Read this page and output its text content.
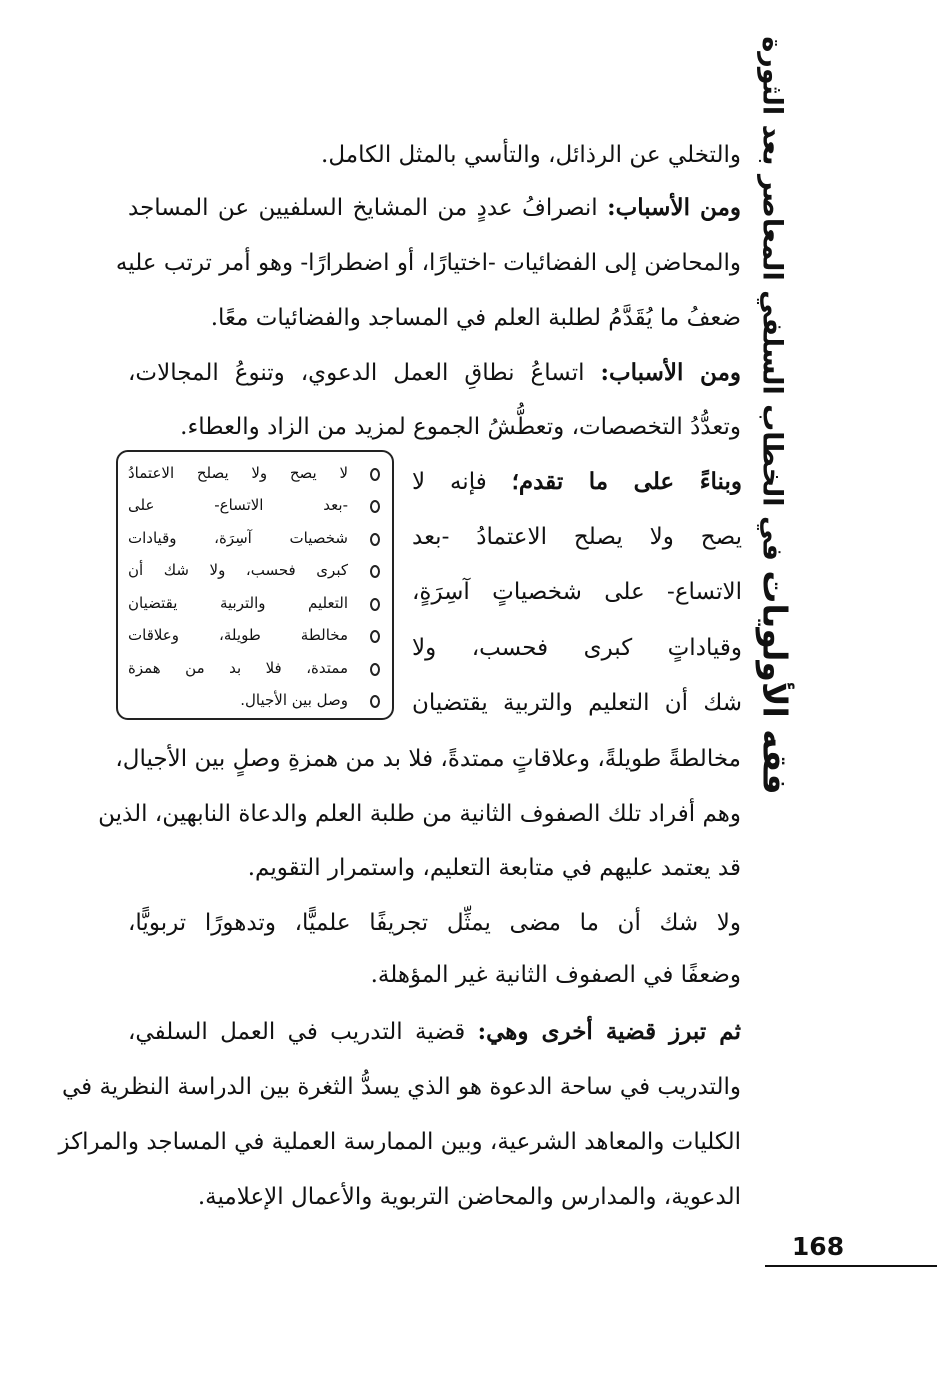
فقه الأولويات في الخطاب السلفي المعاصر بعد الثورة
والتخلي عن الرذائل، والتأسي بالمثل الكامل.
ومن الأسباب: انصرافُ عددٍ من المشايخ السلفيين عن المساجد
والمحاضن إلى الفضائيات -اختيارًا، أو اضطرارًا- وهو أمر ترتب عليه
ضعفُ ما يُقَدَّمُ لطلبة العلم في المساجد والفضائيات معًا.
ومن الأسباب: اتساعُ نطاقِ العمل الدعوي، وتنوعُ المجالات،
وتعدُّدُ التخصصات، وتعطُّشُ الجموع لمزيد من الزاد والعطاء.
وبناءً على ما تقدم؛ فإنه لا
يصح ولا يصلح الاعتمادُ -بعد
الاتساع- على شخصياتٍ آسِرَةٍ،
وقياداتٍ كبرى فحسب، ولا
شك أن التعليم والتربية يقتضيان
لا يصح ولا يصلح الاعتمادُ
-بعد الاتساع- على
شخصيات آسِرَة، وقيادات
كبرى فحسب، ولا شك أن
التعليم والتربية يقتضيان
مخالطة طويلة، وعلاقات
ممتدة، فلا بد من همزة
وصل بين الأجيال.
مخالطةً طويلةً، وعلاقاتٍ ممتدةً، فلا بد من همزةِ وصلٍ بين الأجيال،
وهم أفراد تلك الصفوف الثانية من طلبة العلم والدعاة النابهين، الذين
قد يعتمد عليهم في متابعة التعليم، واستمرار التقويم.
ولا شك أن ما مضى يمثِّل تجريفًا علميًّا، وتدهورًا تربويًّا،
وضعفًا في الصفوف الثانية غير المؤهلة.
ثم تبرز قضية أخرى وهي: قضية التدريب في العمل السلفي،
والتدريب في ساحة الدعوة هو الذي يسدُّ الثغرة بين الدراسة النظرية في
الكليات والمعاهد الشرعية، وبين الممارسة العملية في المساجد والمراكز
الدعوية، والمدارس والمحاضن التربوية والأعمال الإعلامية.
168
